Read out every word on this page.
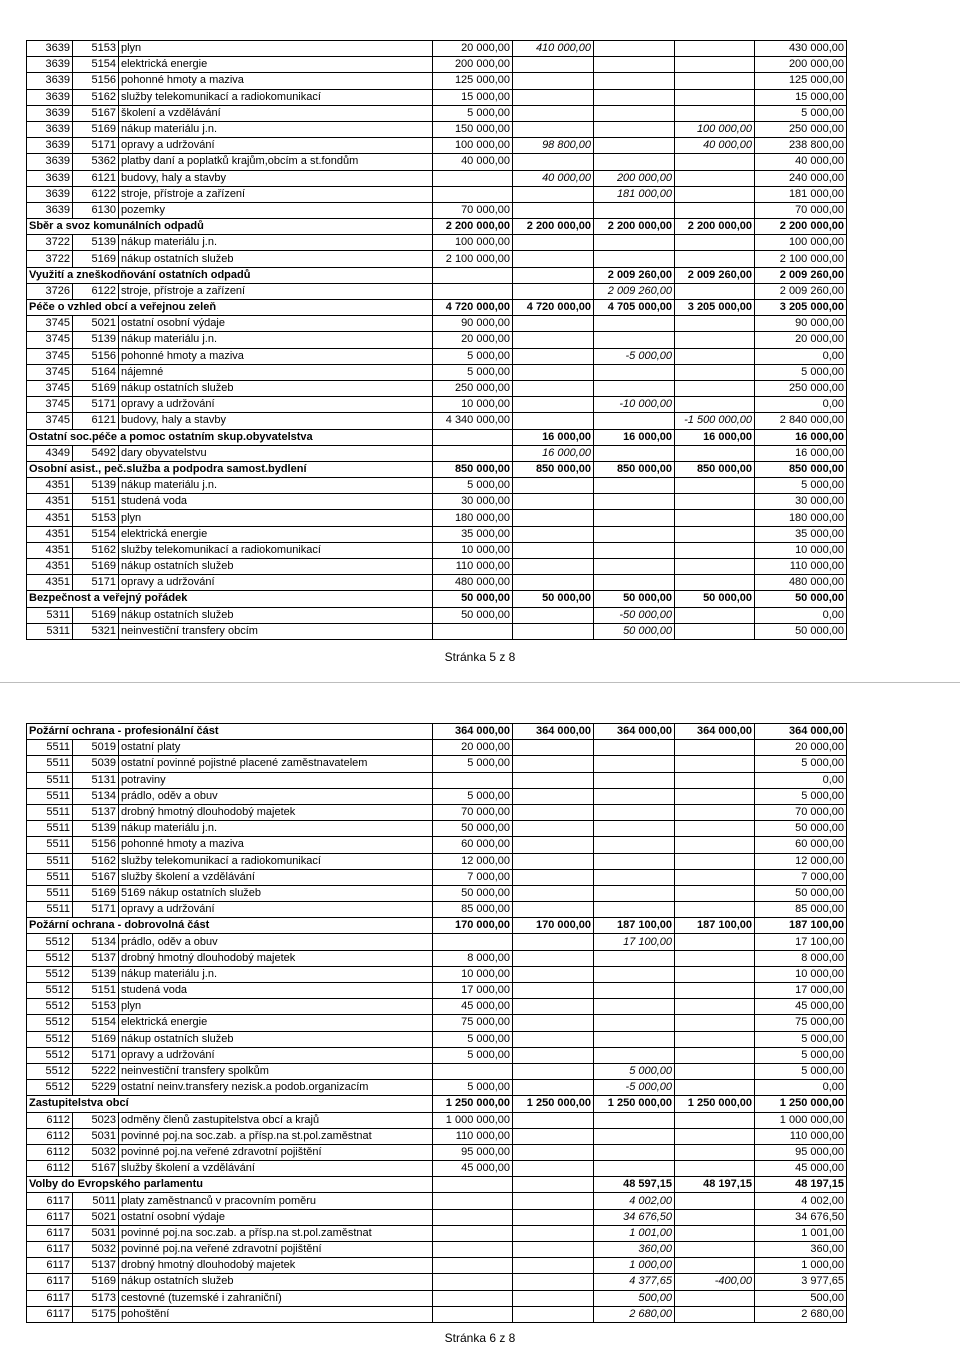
3639	5153	plyn	20 000,00	410 000,00			430 000,00
3639	5154	elektrická energie	200 000,00				200 000,00
3639	5156	pohonné hmoty a maziva	125 000,00				125 000,00
3639	5162	služby telekomunikací a radiokomunikací	15 000,00				15 000,00
3639	5167	školení a vzdělávání	5 000,00				5 000,00
3639	5169	nákup materiálu j.n.	150 000,00			100 000,00	250 000,00
3639	5171	opravy a udržování	100 000,00	98 800,00		40 000,00	238 800,00
3639	5362	platby daní a poplatků krajům,obcím a st.fondům	40 000,00				40 000,00
3639	6121	budovy, haly a stavby		40 000,00	200 000,00		240 000,00
3639	6122	stroje, přístroje a zařízení			181 000,00		181 000,00
3639	6130	pozemky	70 000,00				70 000,00
Sběr a svoz komunálních odpadů			2 200 000,00	2 200 000,00	2 200 000,00	2 200 000,00	2 200 000,00
3722	5139	nákup materiálu j.n.	100 000,00				100 000,00
3722	5169	nákup ostatních služeb	2 100 000,00				2 100 000,00
Využití a zneškodňování ostatních odpadů					2 009 260,00	2 009 260,00	2 009 260,00
3726	6122	stroje, přístroje a zařízení			2 009 260,00		2 009 260,00
Péče o vzhled obcí a veřejnou zeleň			4 720 000,00	4 720 000,00	4 705 000,00	3 205 000,00	3 205 000,00
3745	5021	ostatní osobní výdaje	90 000,00				90 000,00
3745	5139	nákup materiálu j.n.	20 000,00				20 000,00
3745	5156	pohonné hmoty a maziva	5 000,00		-5 000,00		0,00
3745	5164	nájemné	5 000,00				5 000,00
3745	5169	nákup ostatních služeb	250 000,00				250 000,00
3745	5171	opravy a udržování	10 000,00		-10 000,00		0,00
3745	6121	budovy, haly a stavby	4 340 000,00			-1 500 000,00	2 840 000,00
Ostatní soc.péče a pomoc ostatním skup.obyvatelstva				16 000,00	16 000,00	16 000,00	16 000,00
4349	5492	dary obyvatelstvu		16 000,00			16 000,00
Osobní asist., peč.služba a podpodra samost.bydlení			850 000,00	850 000,00	850 000,00	850 000,00	850 000,00
4351	5139	nákup materiálu j.n.	5 000,00				5 000,00
4351	5151	studená voda	30 000,00				30 000,00
4351	5153	plyn	180 000,00				180 000,00
4351	5154	elektrická energie	35 000,00				35 000,00
4351	5162	služby telekomunikací a radiokomunikací	10 000,00				10 000,00
4351	5169	nákup ostatních služeb	110 000,00				110 000,00
4351	5171	opravy a udržování	480 000,00				480 000,00
Bezpečnost a veřejný pořádek			50 000,00	50 000,00	50 000,00	50 000,00	50 000,00
5311	5169	nákup ostatních služeb	50 000,00		-50 000,00		0,00
5311	5321	neinvestiční transfery obcím			50 000,00		50 000,00
Stránka 5 z 8
Požární ochrana - profesionální část			364 000,00	364 000,00	364 000,00	364 000,00	364 000,00
5511	5019	ostatní platy	20 000,00				20 000,00
5511	5039	ostatní povinné pojistné placené zaměstnavatelem	5 000,00				5 000,00
5511	5131	potraviny					0,00
5511	5134	prádlo, oděv a obuv	5 000,00				5 000,00
5511	5137	drobný hmotný dlouhodobý majetek	70 000,00				70 000,00
5511	5139	nákup materiálu j.n.	50 000,00				50 000,00
5511	5156	pohonné hmoty a maziva	60 000,00				60 000,00
5511	5162	služby telekomunikací a radiokomunikací	12 000,00				12 000,00
5511	5167	služby školení a vzdělávání	7 000,00				7 000,00
5511	5169	5169 nákup ostatních služeb	50 000,00				50 000,00
5511	5171	opravy a udržování	85 000,00				85 000,00
Požární ochrana - dobrovolná část			170 000,00	170 000,00	187 100,00	187 100,00	187 100,00
5512	5134	prádlo, oděv a obuv			17 100,00		17 100,00
5512	5137	drobný hmotný dlouhodobý majetek	8 000,00				8 000,00
5512	5139	nákup materiálu j.n.	10 000,00				10 000,00
5512	5151	studená voda	17 000,00				17 000,00
5512	5153	plyn	45 000,00				45 000,00
5512	5154	elektrická energie	75 000,00				75 000,00
5512	5169	nákup ostatních služeb	5 000,00				5 000,00
5512	5171	opravy a udržování	5 000,00				5 000,00
5512	5222	neinvestiční transfery spolkům			5 000,00		5 000,00
5512	5229	ostatní neinv.transfery nezisk.a podob.organizacím	5 000,00		-5 000,00		0,00
Zastupitelstva obcí			1 250 000,00	1 250 000,00	1 250 000,00	1 250 000,00	1 250 000,00
6112	5023	odměny členů zastupitelstva obcí a krajů	1 000 000,00				1 000 000,00
6112	5031	povinné poj.na soc.zab. a přísp.na st.pol.zaměstnat	110 000,00				110 000,00
6112	5032	povinné poj.na veřené zdravotní pojištění	95 000,00				95 000,00
6112	5167	služby školení a vzdělávání	45 000,00				45 000,00
Volby do Evropského parlamentu					48 597,15	48 197,15	48 197,15
6117	5011	platy zaměstnanců v pracovním poměru			4 002,00		4 002,00
6117	5021	ostatní osobní výdaje			34 676,50		34 676,50
6117	5031	povinné poj.na soc.zab. a přísp.na st.pol.zaměstnat			1 001,00		1 001,00
6117	5032	povinné poj.na veřené zdravotní pojištění			360,00		360,00
6117	5137	drobný hmotný dlouhodobý majetek			1 000,00		1 000,00
6117	5169	nákup ostatních služeb			4 377,65	-400,00	3 977,65
6117	5173	cestovné (tuzemské i zahraniční)			500,00		500,00
6117	5175	pohoštění			2 680,00		2 680,00
Stránka 6 z 8
